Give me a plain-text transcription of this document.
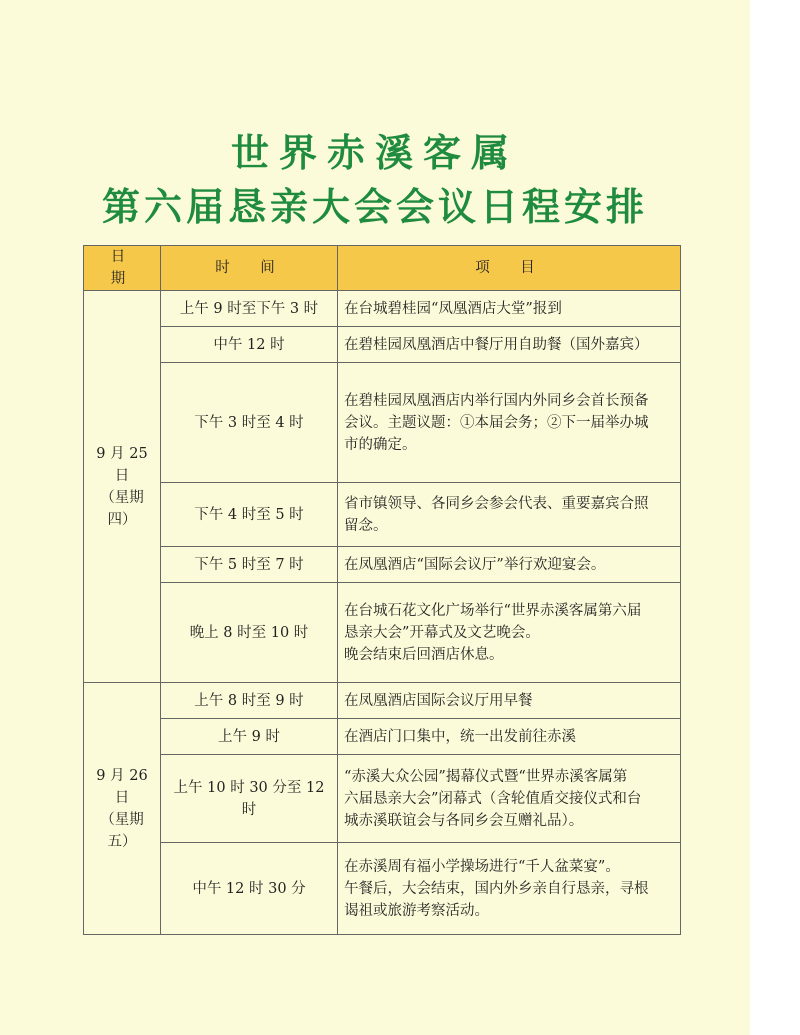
世界赤溪客属
第六届恳亲大会会议日程安排
日　期	时　间	项　目

9 月 25 日
（星期四）	上午 9 时至下午 3 时	在台城碧桂园“凤凰酒店大堂”报到

	中午 12 时	在碧桂园凤凰酒店中餐厅用自助餐（国外嘉宾）

	下午 3 时至 4 时	在碧桂园凤凰酒店内举行国内外同乡会首长预备
会议。主题议题：①本届会务；②下一届举办城
市的确定。

	下午 4 时至 5 时	省市镇领导、各同乡会参会代表、重要嘉宾合照
留念。

	下午 5 时至 7 时	在凤凰酒店“国际会议厅”举行欢迎宴会。

	晚上 8 时至 10 时	在台城石花文化广场举行“世界赤溪客属第六届
恳亲大会”开幕式及文艺晚会。
晚会结束后回酒店休息。

9 月 26 日
（星期五）	上午 8 时至 9 时	在凤凰酒店国际会议厅用早餐

	上午 9 时	在酒店门口集中，统一出发前往赤溪

	上午 10 时 30 分至 12 时	“赤溪大众公园”揭幕仪式暨“世界赤溪客属第
六届恳亲大会”闭幕式（含轮值盾交接仪式和台
城赤溪联谊会与各同乡会互赠礼品）。

	中午 12 时 30 分	在赤溪周有福小学操场进行“千人盆菜宴”。
午餐后，大会结束，国内外乡亲自行恳亲，寻根
谒祖或旅游考察活动。
